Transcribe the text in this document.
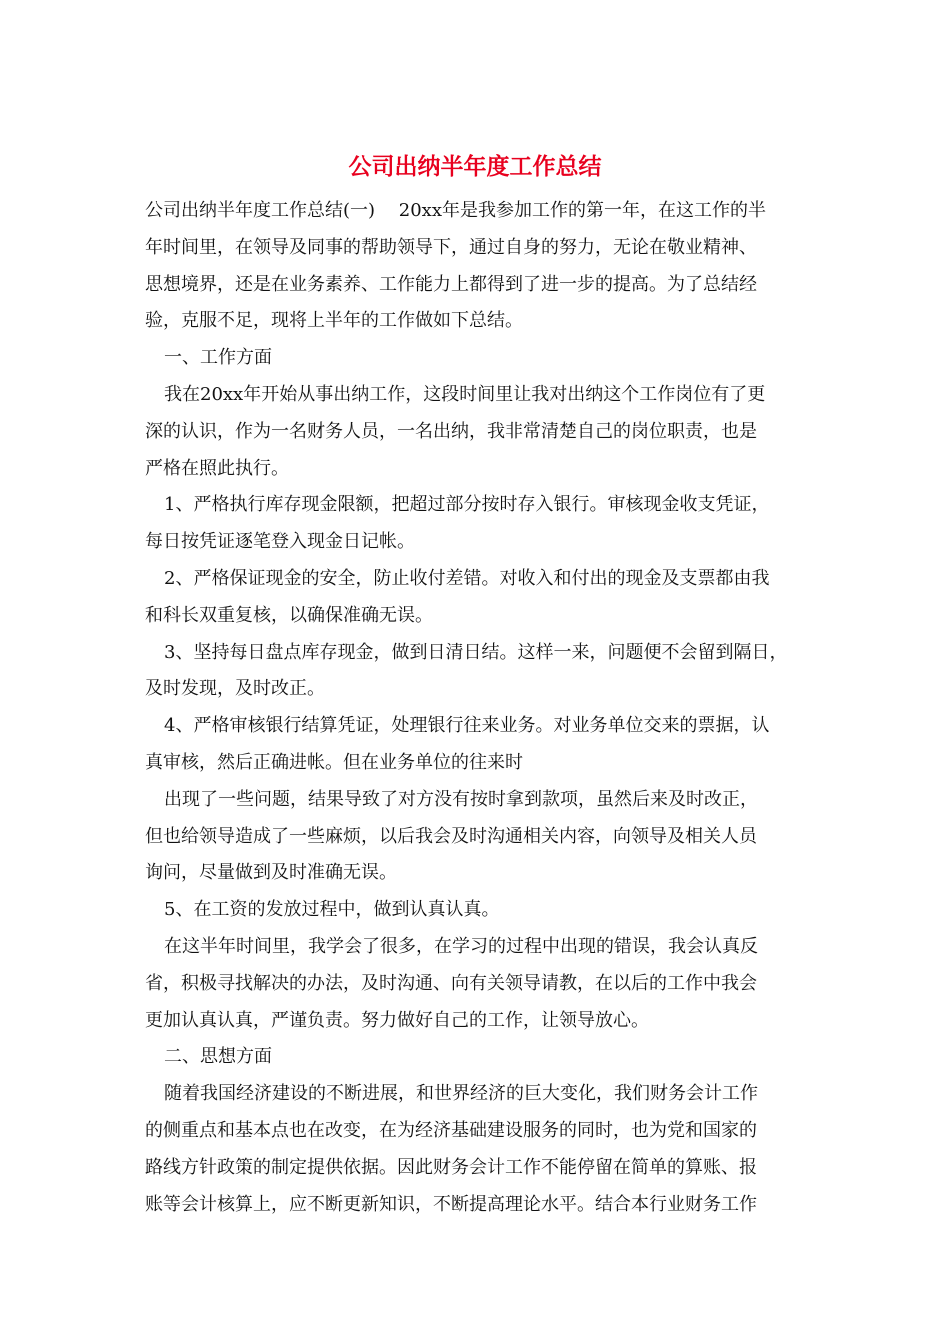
公司出纳半年度工作总结
公司出纳半年度工作总结(一)　 20xx年是我参加工作的第一年，在这工作的半
年时间里，在领导及同事的帮助领导下，通过自身的努力，无论在敬业精神、
思想境界，还是在业务素养、工作能力上都得到了进一步的提高。为了总结经
验，克服不足，现将上半年的工作做如下总结。
一、工作方面
我在20xx年开始从事出纳工作，这段时间里让我对出纳这个工作岗位有了更
深的认识，作为一名财务人员，一名出纳，我非常清楚自己的岗位职责，也是
严格在照此执行。
1、严格执行库存现金限额，把超过部分按时存入银行。审核现金收支凭证，
每日按凭证逐笔登入现金日记帐。
2、严格保证现金的安全，防止收付差错。对收入和付出的现金及支票都由我
和科长双重复核，以确保准确无误。
3、坚持每日盘点库存现金，做到日清日结。这样一来，问题便不会留到隔日，
及时发现，及时改正。
4、严格审核银行结算凭证，处理银行往来业务。对业务单位交来的票据，认
真审核，然后正确进帐。但在业务单位的往来时
出现了一些问题，结果导致了对方没有按时拿到款项，虽然后来及时改正，
但也给领导造成了一些麻烦，以后我会及时沟通相关内容，向领导及相关人员
询问，尽量做到及时准确无误。
5、在工资的发放过程中，做到认真认真。
在这半年时间里，我学会了很多，在学习的过程中出现的错误，我会认真反
省，积极寻找解决的办法，及时沟通、向有关领导请教，在以后的工作中我会
更加认真认真，严谨负责。努力做好自己的工作，让领导放心。
二、思想方面
随着我国经济建设的不断进展，和世界经济的巨大变化，我们财务会计工作
的侧重点和基本点也在改变，在为经济基础建设服务的同时，也为党和国家的
路线方针政策的制定提供依据。因此财务会计工作不能停留在简单的算账、报
账等会计核算上，应不断更新知识，不断提高理论水平。结合本行业财务工作
